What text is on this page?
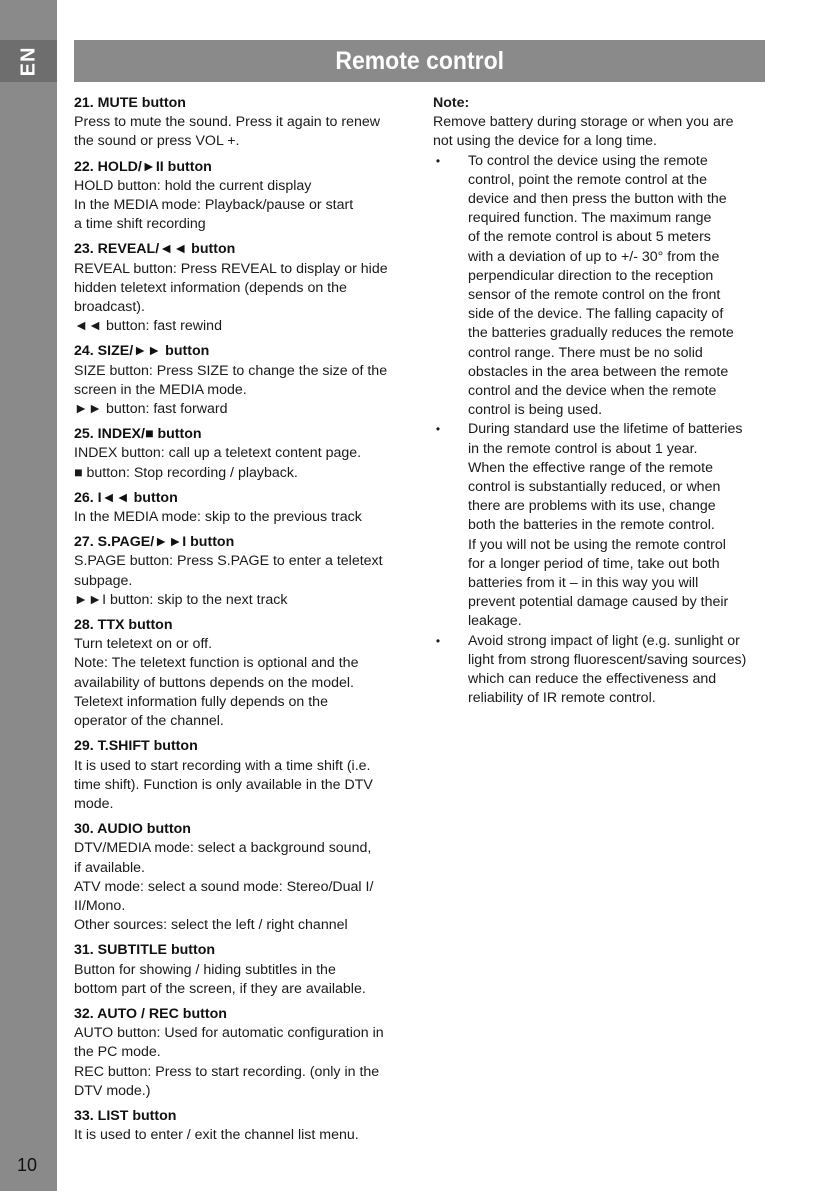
EN
10
Remote control
21. MUTE button
Press to mute the sound. Press it again to renew
the sound or press VOL +.
22. HOLD/►II button
HOLD button: hold the current display
In the MEDIA mode: Playback/pause or start
a time shift recording
23. REVEAL/◄◄ button
REVEAL button: Press REVEAL to display or hide
hidden teletext information (depends on the
broadcast).
◄◄ button: fast rewind
24. SIZE/►► button
SIZE button: Press SIZE to change the size of the
screen in the MEDIA mode.
►► button: fast forward
25. INDEX/■ button
INDEX button: call up a teletext content page.
■ button: Stop recording / playback.
26. I◄◄ button
In the MEDIA mode: skip to the previous track
27. S.PAGE/►►I button
S.PAGE button: Press S.PAGE to enter a teletext
subpage.
►►I button: skip to the next track
28. TTX button
Turn teletext on or off.
Note: The teletext function is optional and the
availability of buttons depends on the model.
Teletext information fully depends on the
operator of the channel.
29. T.SHIFT button
It is used to start recording with a time shift (i.e.
time shift). Function is only available in the DTV
mode.
30. AUDIO button
DTV/MEDIA mode: select a background sound,
if available.
ATV mode: select a sound mode: Stereo/Dual I/
II/Mono.
Other sources: select the left / right channel
31. SUBTITLE button
Button for showing / hiding subtitles in the
bottom part of the screen, if they are available.
32. AUTO / REC button
AUTO button: Used for automatic configuration in
the PC mode.
REC button: Press to start recording. (only in the
DTV mode.)
33. LIST button
It is used to enter / exit the channel list menu.
Note:
Remove battery during storage or when you are
not using the device for a long time.
• To control the device using the remote
control, point the remote control at the
device and then press the button with the
required function. The maximum range
of the remote control is about 5 meters
with a deviation of up to +/- 30° from the
perpendicular direction to the reception
sensor of the remote control on the front
side of the device. The falling capacity of
the batteries gradually reduces the remote
control range. There must be no solid
obstacles in the area between the remote
control and the device when the remote
control is being used.
• During standard use the lifetime of batteries
in the remote control is about 1 year.
When the effective range of the remote
control is substantially reduced, or when
there are problems with its use, change
both the batteries in the remote control.
If you will not be using the remote control
for a longer period of time, take out both
batteries from it – in this way you will
prevent potential damage caused by their
leakage.
• Avoid strong impact of light (e.g. sunlight or
light from strong fluorescent/saving sources)
which can reduce the effectiveness and
reliability of IR remote control.
